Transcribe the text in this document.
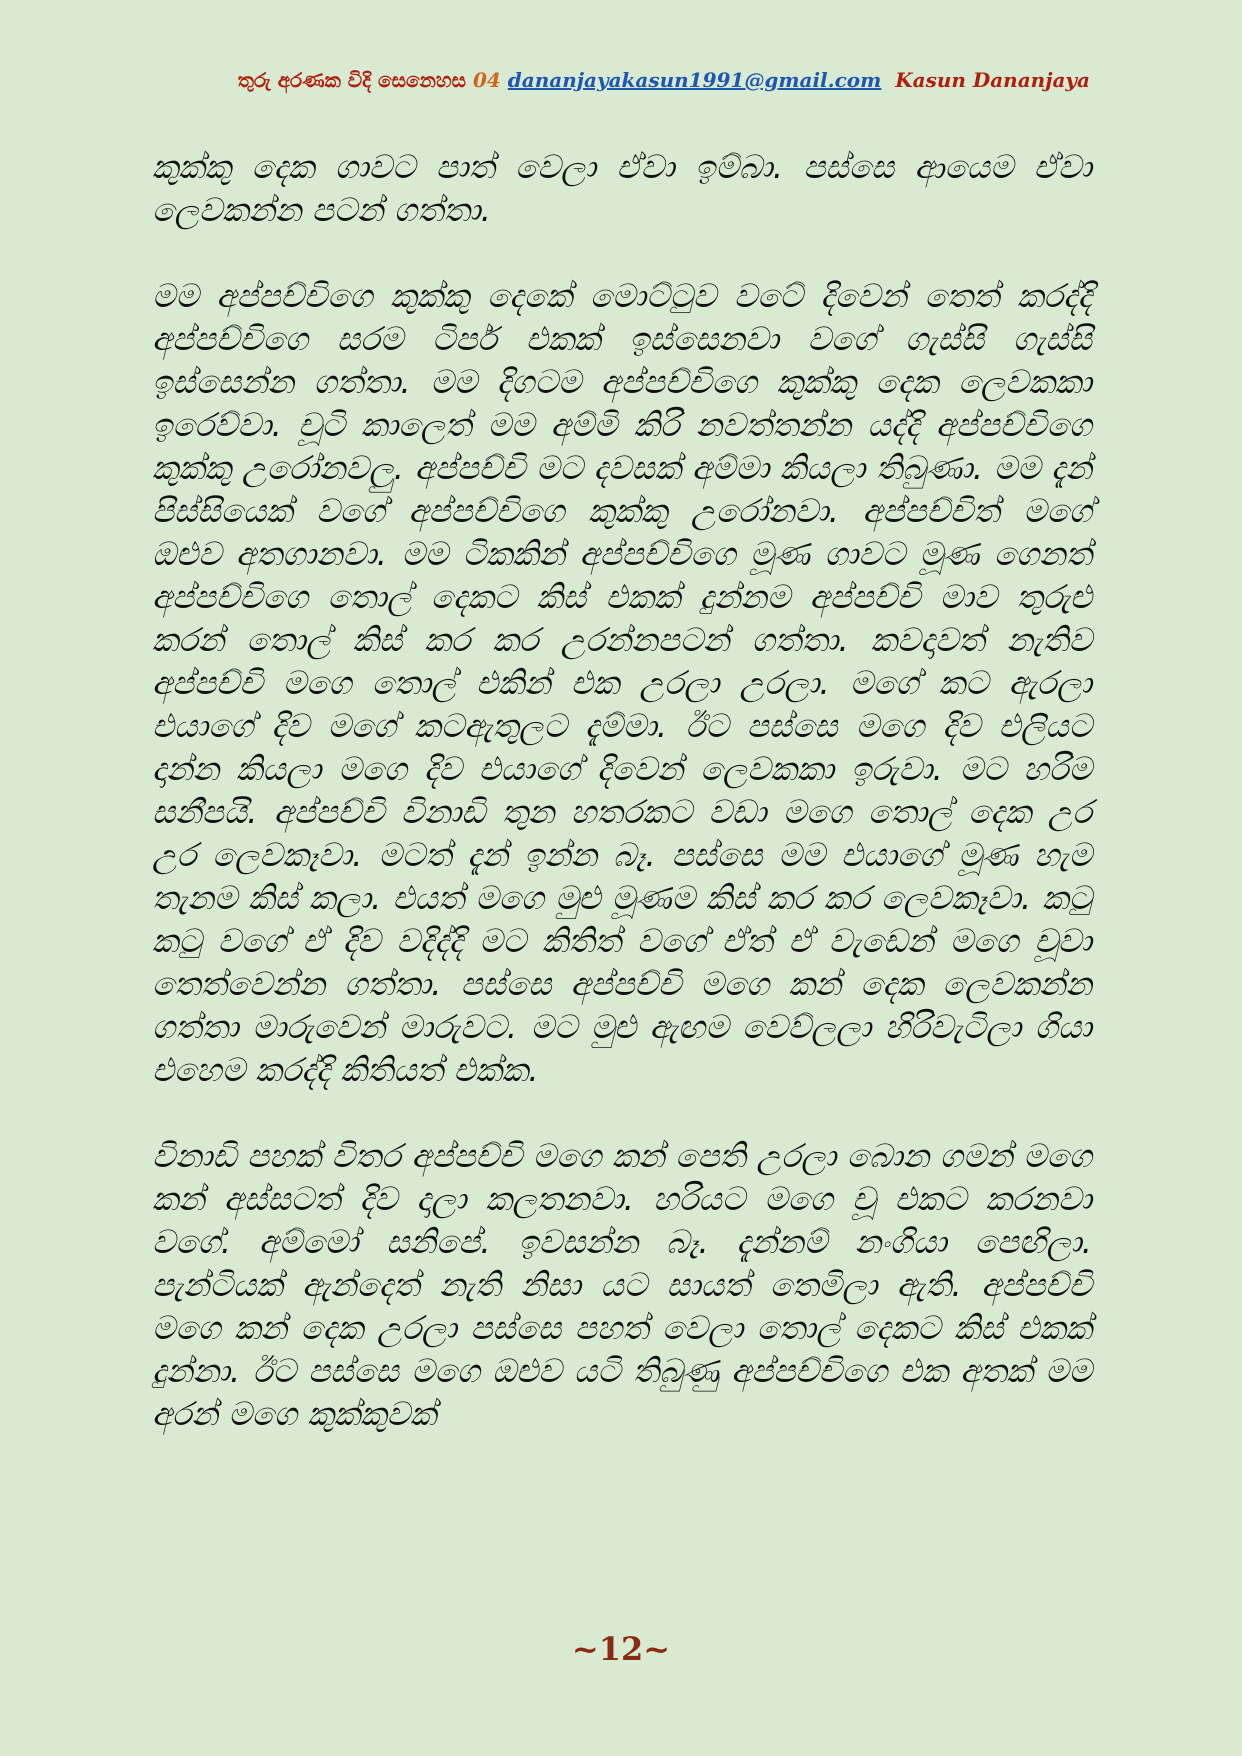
තුරු අරණක විදි සෙනෙහස 04 dananjayakasun1991@gmail.com Kasun Dananjaya

කුක්කු දෙක ගාවට පාත් වෙලා ඒවා ඉම්බා. පස්සෙ ආයෙම ඒවා ලෙවකන්න පටන් ගත්තා.

මම අප්පච්චිගෙ කුක්කු දෙකේ මොට්ටුව වටේ දිවෙන් තෙත් කරද්දි අප්පච්චිගෙ සරම ටිපර් එකක් ඉස්සෙනවා වගේ ගැස්සි ගැස්සි ඉස්සෙන්න ගත්තා. මම දිගටම අප්පච්චිගෙ කුක්කු දෙක ලෙවකකා ඉරෙව්වා. චූටි කාලෙත් මම අම්මි කිරි නවත්තන්න යද්දි අප්පච්චිගෙ කුක්කු උරෝනවලු. අප්පච්චි මට දවසක් අම්මා කියලා තිබුණා. මම දැන් පිස්සියෙක් වගේ අප්පච්චිගෙ කුක්කු උරෝනවා. අප්පච්චිත් මගේ ඔළුව අතගානවා. මම ටිකකින් අප්පච්චිගෙ මූණ ගාවට මූණ ගෙනත් අප්පච්චිගෙ තොල් දෙකට කිස් එකක් දුන්නම අප්පච්චි මාව තුරුළු කරන් තොල් කිස් කර කර උරන්නපටන් ගත්තා. කවදාවත් නැතිව අප්පච්චි මගෙ තොල් එකින් එක උරලා උරලා. මගේ කට ඇරලා එයාගේ දිව මගේ කටඇතුලට දැම්මා. ඊට පස්සෙ මගෙ දිව එලියට දාන්න කියලා මගෙ දිව එයාගේ දිවෙන් ලෙවකකා ඉරුවා. මට හරිම සනීපයි. අප්පච්චි විනාඩි තුන හතරකට වඩා මගෙ තොල් දෙක උර උර ලෙවකෑවා. මටත් දැන් ඉන්න බෑ. පස්සෙ මම එයාගේ මූණ හැම තැනම කිස් කලා. එයත් මගෙ මුළු මූණම කිස් කර කර ලෙවකෑවා. කටු කටු වගේ ඒ දිව වදිද්දි මට කිතිත් වගේ ඒත් ඒ වැඩෙන් මගෙ චූවා තෙත්වෙන්න ගත්තා. පස්සෙ අප්පච්චි මගෙ කන් දෙක ලෙවකන්න ගත්තා මාරුවෙන් මාරුවට. මට මුළු ඇඟම වෙව්ලලා හිරිවැටිලා ගියා එහෙම කරද්දි කිතියත් එක්ක.

විනාඩි පහක් විතර අප්පච්චි මගෙ කන් පෙති උරලා බොන ගමන් මගෙ කන් අස්සටත් දිව දාලා කලතනවා. හරියට මගෙ චූ එකට කරනවා වගේ. අම්මෝ සනිපේ. ඉවසන්න බෑ. දැන්නම් නංගියා පෙඟිලා. පැන්ටියක් ඇන්දෙත් නැති නිසා යට සායත් තෙමිලා ඇති. අප්පච්චි මගෙ කන් දෙක උරලා පස්සෙ පහත් වෙලා තොල් දෙකට කිස් එකක් දුන්නා. ඊට පස්සෙ මගෙ ඔළුව යටි තිබුණු අප්පච්චිගෙ එක අතක් මම අරන් මගෙ කුක්කුවක්

~12~
